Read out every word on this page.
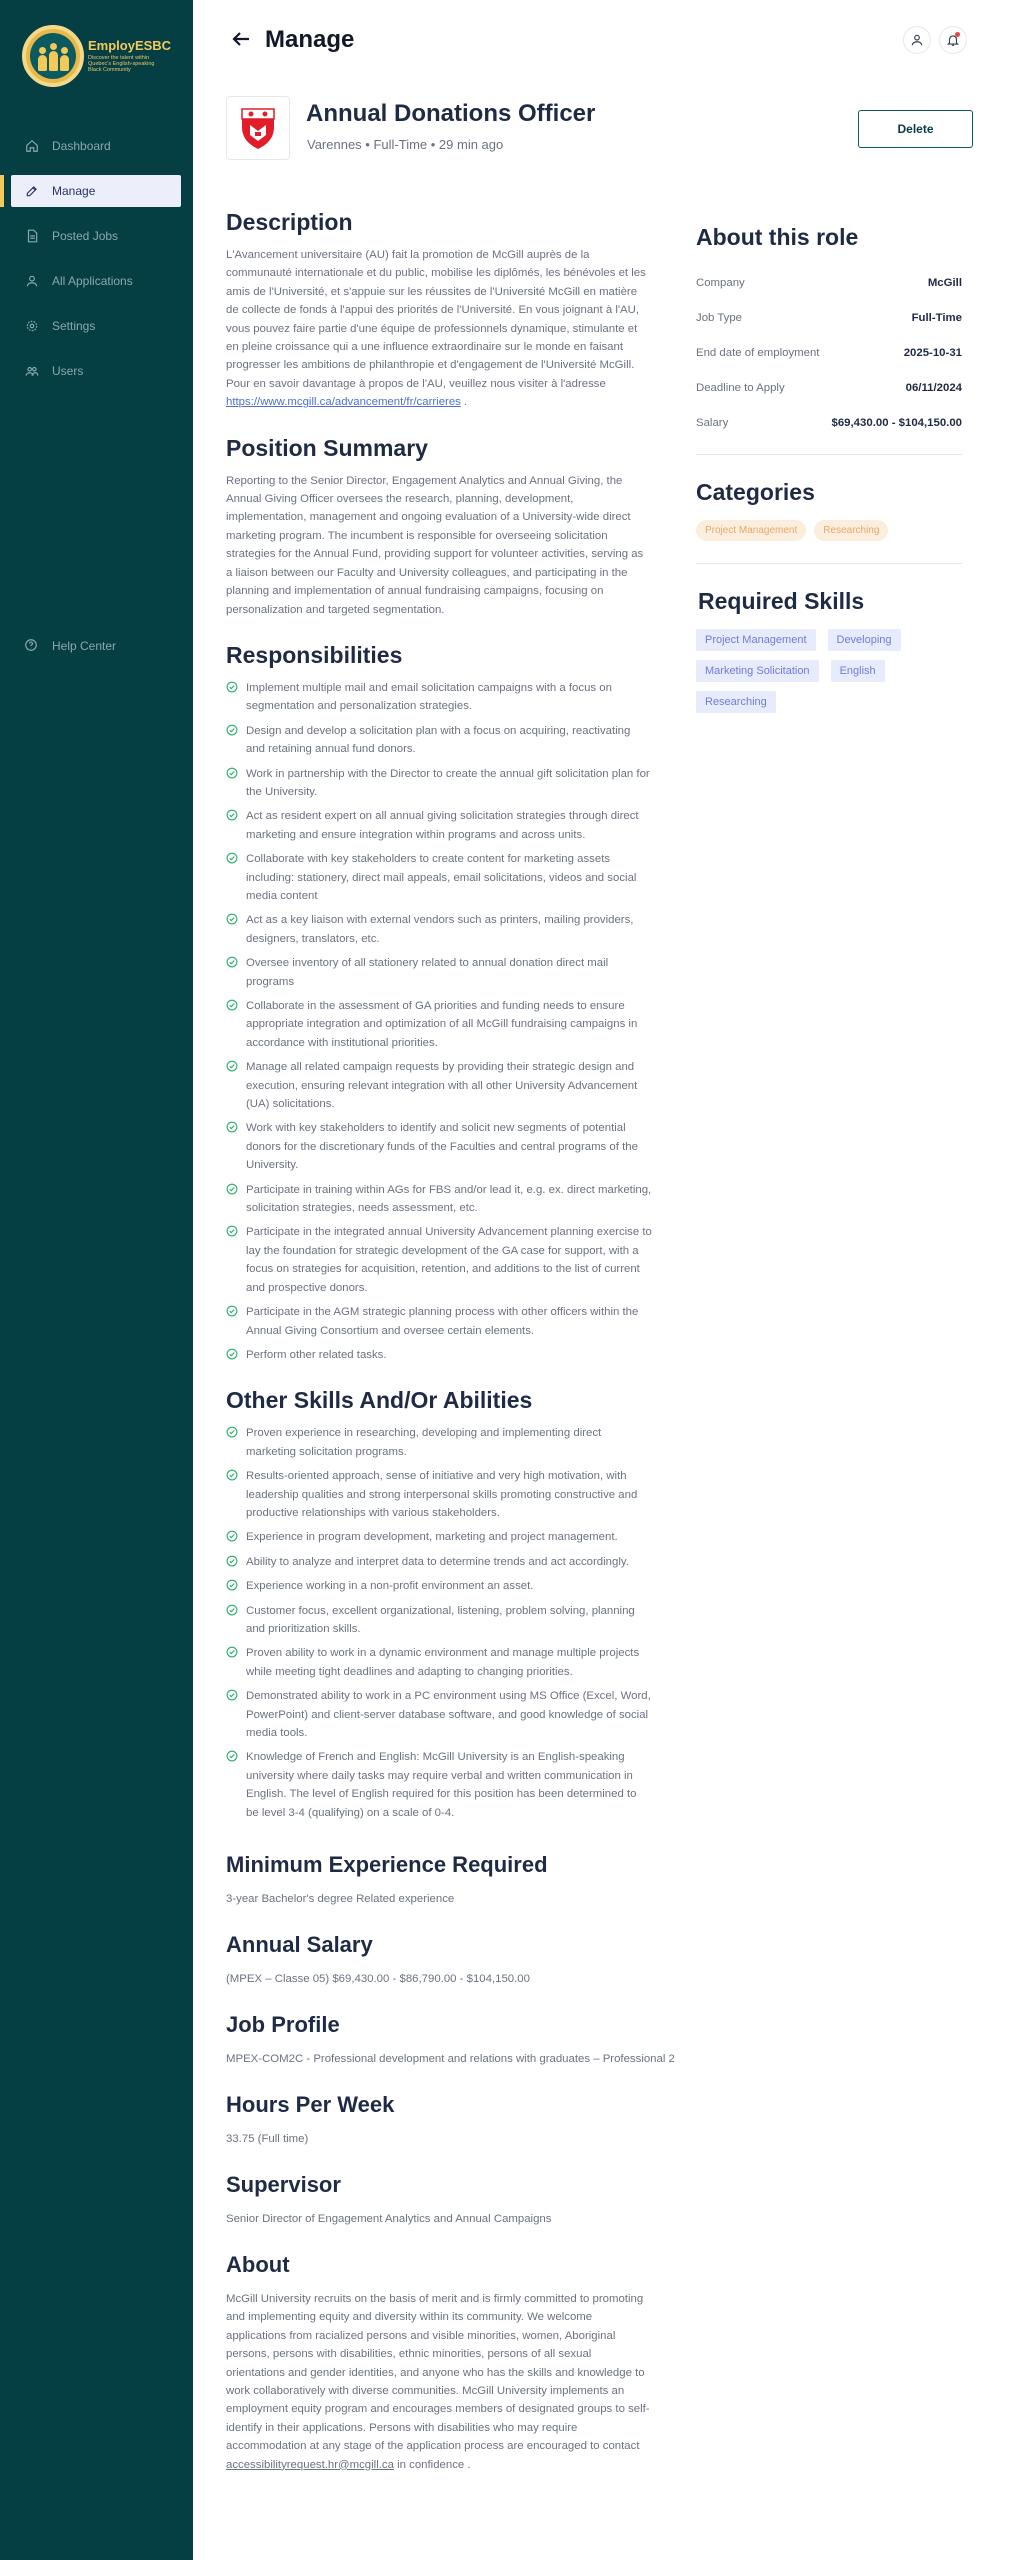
EmployESBC
Discover the talent within Quebec's English-speaking Black Community
Dashboard
Manage
Posted Jobs
All Applications
Settings
Users
Help Center
Manage
Annual Donations Officer
Varennes • Full-Time • 29 min ago
Delete
Description

L'Avancement universitaire (AU) fait la promotion de McGill auprès de la communauté internationale et du public, mobilise les diplômés, les bénévoles et les amis de l'Université, et s'appuie sur les réussites de l'Université McGill en matière de collecte de fonds à l'appui des priorités de l'Université. En vous joignant à l'AU, vous pouvez faire partie d'une équipe de professionnels dynamique, stimulante et en pleine croissance qui a une influence extraordinaire sur le monde en faisant progresser les ambitions de philanthropie et d'engagement de l'Université McGill. Pour en savoir davantage à propos de l'AU, veuillez nous visiter à l'adresse https://www.mcgill.ca/advancement/fr/carrieres .

Position Summary

Reporting to the Senior Director, Engagement Analytics and Annual Giving, the Annual Giving Officer oversees the research, planning, development, implementation, management and ongoing evaluation of a University-wide direct marketing program. The incumbent is responsible for overseeing solicitation strategies for the Annual Fund, providing support for volunteer activities, serving as a liaison between our Faculty and University colleagues, and participating in the planning and implementation of annual fundraising campaigns, focusing on personalization and targeted segmentation.

Responsibilities
Implement multiple mail and email solicitation campaigns with a focus on segmentation and personalization strategies.
Design and develop a solicitation plan with a focus on acquiring, reactivating and retaining annual fund donors.
Work in partnership with the Director to create the annual gift solicitation plan for the University.
Act as resident expert on all annual giving solicitation strategies through direct marketing and ensure integration within programs and across units.
Collaborate with key stakeholders to create content for marketing assets including: stationery, direct mail appeals, email solicitations, videos and social media content
Act as a key liaison with external vendors such as printers, mailing providers, designers, translators, etc.
Oversee inventory of all stationery related to annual donation direct mail programs
Collaborate in the assessment of GA priorities and funding needs to ensure appropriate integration and optimization of all McGill fundraising campaigns in accordance with institutional priorities.
Manage all related campaign requests by providing their strategic design and execution, ensuring relevant integration with all other University Advancement (UA) solicitations.
Work with key stakeholders to identify and solicit new segments of potential donors for the discretionary funds of the Faculties and central programs of the University.
Participate in training within AGs for FBS and/or lead it, e.g. ex. direct marketing, solicitation strategies, needs assessment, etc.
Participate in the integrated annual University Advancement planning exercise to lay the foundation for strategic development of the GA case for support, with a focus on strategies for acquisition, retention, and additions to the list of current and prospective donors.
Participate in the AGM strategic planning process with other officers within the Annual Giving Consortium and oversee certain elements.
Perform other related tasks.
Other Skills And/Or Abilities
Proven experience in researching, developing and implementing direct marketing solicitation programs.
Results-oriented approach, sense of initiative and very high motivation, with leadership qualities and strong interpersonal skills promoting constructive and productive relationships with various stakeholders.
Experience in program development, marketing and project management.
Ability to analyze and interpret data to determine trends and act accordingly.
Experience working in a non-profit environment an asset.
Customer focus, excellent organizational, listening, problem solving, planning and prioritization skills.
Proven ability to work in a dynamic environment and manage multiple projects while meeting tight deadlines and adapting to changing priorities.
Demonstrated ability to work in a PC environment using MS Office (Excel, Word, PowerPoint) and client-server database software, and good knowledge of social media tools.
Knowledge of French and English: McGill University is an English-speaking university where daily tasks may require verbal and written communication in English. The level of English required for this position has been determined to be level 3-4 (qualifying) on a scale of 0-4.
Minimum Experience Required

3-year Bachelor's degree Related experience

Annual Salary

(MPEX – Classe 05) $69,430.00 - $86,790.00 - $104,150.00

Job Profile

MPEX-COM2C - Professional development and relations with graduates – Professional 2

Hours Per Week

33.75 (Full time)

Supervisor

Senior Director of Engagement Analytics and Annual Campaigns

About

McGill University recruits on the basis of merit and is firmly committed to promoting and implementing equity and diversity within its community. We welcome applications from racialized persons and visible minorities, women, Aboriginal persons, persons with disabilities, ethnic minorities, persons of all sexual orientations and gender identities, and anyone who has the skills and knowledge to work collaboratively with diverse communities. McGill University implements an employment equity program and encourages members of designated groups to self-identify in their applications. Persons with disabilities who may require accommodation at any stage of the application process are encouraged to contact accessibilityrequest.hr@mcgill.ca in confidence .

About this role
Company	McGill
Job Type	Full-Time
End date of employment	2025-10-31
Deadline to Apply	06/11/2024
Salary	$69,430.00 - $104,150.00
Categories
Project Management	Researching
Required Skills
Project Management	Developing
Marketing Solicitation	English
Researching
